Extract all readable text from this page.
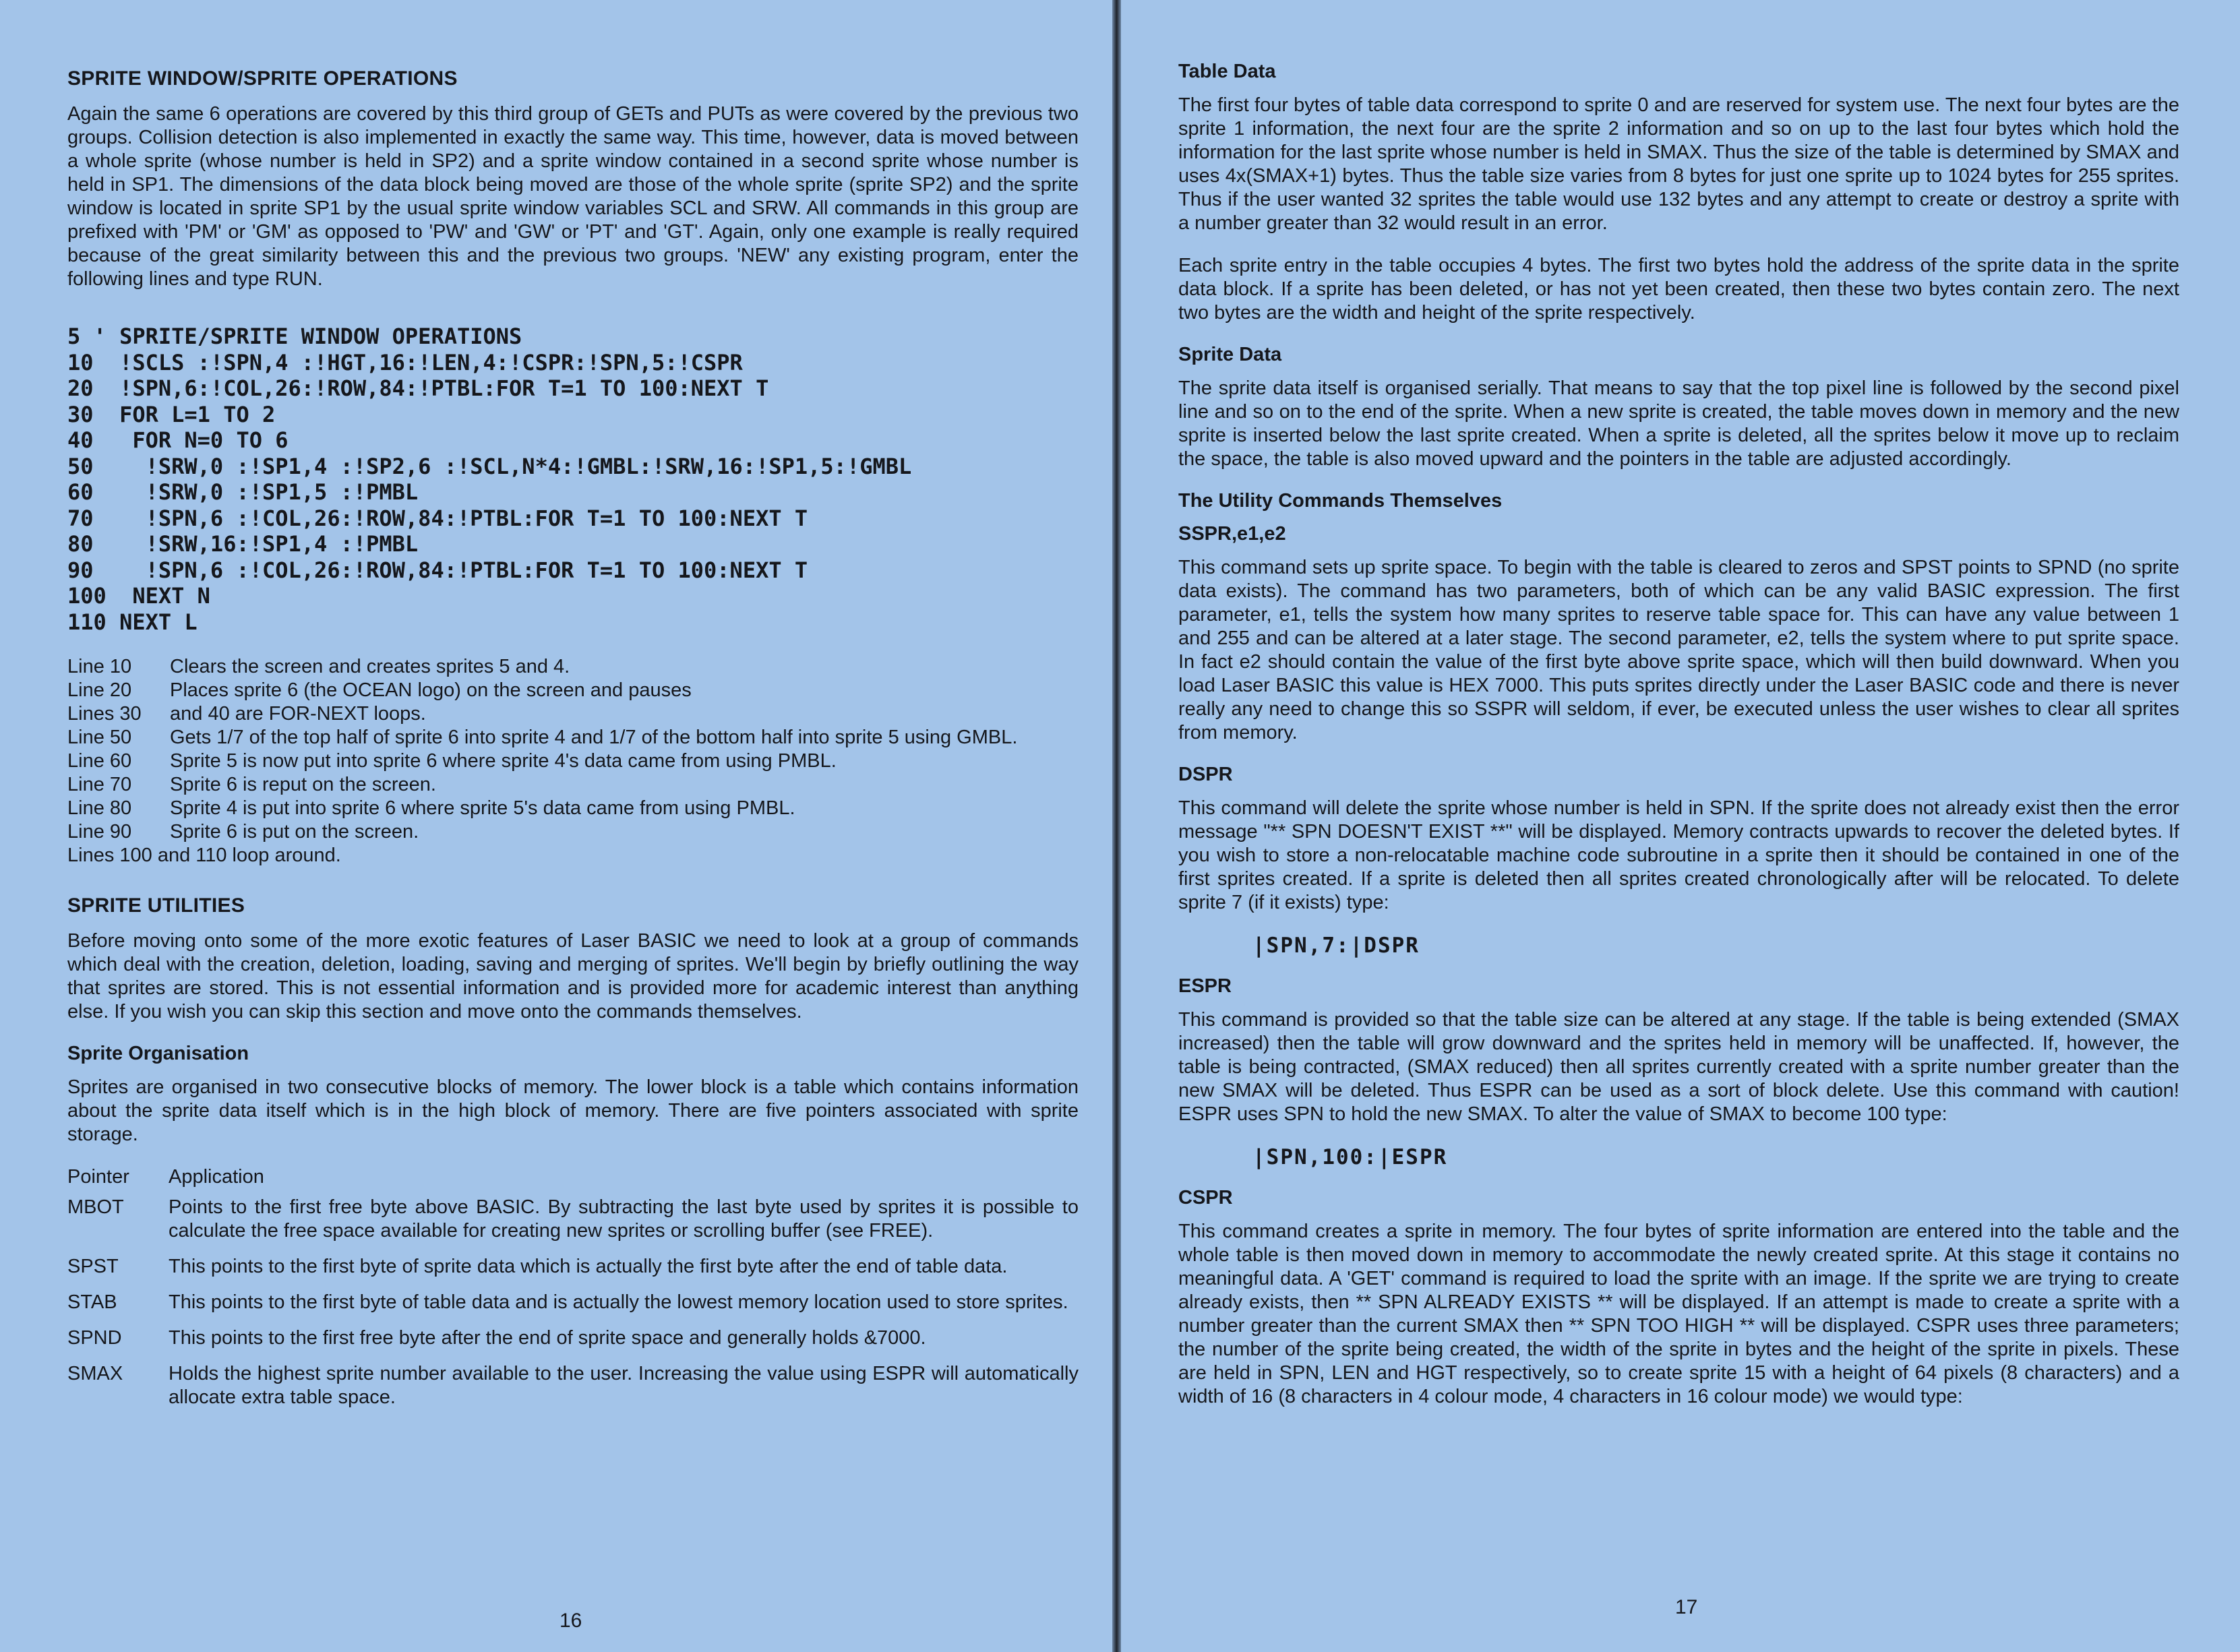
SPRITE WINDOW/SPRITE OPERATIONS

Again the same 6 operations are covered by this third group of GETs and PUTs as were covered by the previous two groups. Collision detection is also implemented in exactly the same way. This time, however, data is moved between a whole sprite (whose number is held in SP2) and a sprite window contained in a second sprite whose number is held in SP1. The dimensions of the data block being moved are those of the whole sprite (sprite SP2) and the sprite window is located in sprite SP1 by the usual sprite window variables SCL and SRW. All commands in this group are prefixed with 'PM' or 'GM' as opposed to 'PW' and 'GW' or 'PT' and 'GT'. Again, only one example is really required because of the great similarity between this and the previous two groups. 'NEW' any existing program, enter the following lines and type RUN.

5 ' SPRITE/SPRITE WINDOW OPERATIONS
10  !SCLS :!SPN,4 :!HGT,16:!LEN,4:!CSPR:!SPN,5:!CSPR
20  !SPN,6:!COL,26:!ROW,84:!PTBL:FOR T=1 TO 100:NEXT T
30  FOR L=1 TO 2
40   FOR N=0 TO 6
50    !SRW,0 :!SP1,4 :!SP2,6 :!SCL,N*4:!GMBL:!SRW,16:!SP1,5:!GMBL
60    !SRW,0 :!SP1,5 :!PMBL
70    !SPN,6 :!COL,26:!ROW,84:!PTBL:FOR T=1 TO 100:NEXT T
80    !SRW,16:!SP1,4 :!PMBL
90    !SPN,6 :!COL,26:!ROW,84:!PTBL:FOR T=1 TO 100:NEXT T
100  NEXT N
110 NEXT L
Line 10	Clears the screen and creates sprites 5 and 4.
Line 20	Places sprite 6 (the OCEAN logo) on the screen and pauses
Lines 30	and 40 are FOR-NEXT loops.
Line 50	Gets 1/7 of the top half of sprite 6 into sprite 4 and 1/7 of the bottom half into sprite 5 using GMBL.
Line 60	Sprite 5 is now put into sprite 6 where sprite 4's data came from using PMBL.
Line 70	Sprite 6 is reput on the screen.
Line 80	Sprite 4 is put into sprite 6 where sprite 5's data came from using PMBL.
Line 90	Sprite 6 is put on the screen.
Lines 100 and 110 loop around.
SPRITE UTILITIES

Before moving onto some of the more exotic features of Laser BASIC we need to look at a group of commands which deal with the creation, deletion, loading, saving and merging of sprites. We'll begin by briefly outlining the way that sprites are stored. This is not essential information and is provided more for academic interest than anything else. If you wish you can skip this section and move onto the commands themselves.

Sprite Organisation

Sprites are organised in two consecutive blocks of memory. The lower block is a table which contains information about the sprite data itself which is in the high block of memory. There are five pointers associated with sprite storage.

Pointer	Application
MBOT	Points to the first free byte above BASIC. By subtracting the last byte used by sprites it is possible to calculate the free space available for creating new sprites or scrolling buffer (see FREE).
SPST	This points to the first byte of sprite data which is actually the first byte after the end of table data.
STAB	This points to the first byte of table data and is actually the lowest memory location used to store sprites.
SPND	This points to the first free byte after the end of sprite space and generally holds &7000.
SMAX	Holds the highest sprite number available to the user. Increasing the value using ESPR will automatically allocate extra table space.
16
Table Data

The first four bytes of table data correspond to sprite 0 and are reserved for system use. The next four bytes are the sprite 1 information, the next four are the sprite 2 information and so on up to the last four bytes which hold the information for the last sprite whose number is held in SMAX. Thus the size of the table is determined by SMAX and uses 4x(SMAX+1) bytes. Thus the table size varies from 8 bytes for just one sprite up to 1024 bytes for 255 sprites. Thus if the user wanted 32 sprites the table would use 132 bytes and any attempt to create or destroy a sprite with a number greater than 32 would result in an error.

Each sprite entry in the table occupies 4 bytes. The first two bytes hold the address of the sprite data in the sprite data block. If a sprite has been deleted, or has not yet been created, then these two bytes contain zero. The next two bytes are the width and height of the sprite respectively.

Sprite Data

The sprite data itself is organised serially. That means to say that the top pixel line is followed by the second pixel line and so on to the end of the sprite. When a new sprite is created, the table moves down in memory and the new sprite is inserted below the last sprite created. When a sprite is deleted, all the sprites below it move up to reclaim the space, the table is also moved upward and the pointers in the table are adjusted accordingly.

The Utility Commands Themselves
SSPR,e1,e2

This command sets up sprite space. To begin with the table is cleared to zeros and SPST points to SPND (no sprite data exists). The command has two parameters, both of which can be any valid BASIC expression. The first parameter, e1, tells the system how many sprites to reserve table space for. This can have any value between 1 and 255 and can be altered at a later stage. The second parameter, e2, tells the system where to put sprite space. In fact e2 should contain the value of the first byte above sprite space, which will then build downward. When you load Laser BASIC this value is HEX 7000. This puts sprites directly under the Laser BASIC code and there is never really any need to change this so SSPR will seldom, if ever, be executed unless the user wishes to clear all sprites from memory.

DSPR

This command will delete the sprite whose number is held in SPN. If the sprite does not already exist then the error message "** SPN DOESN'T EXIST **" will be displayed. Memory contracts upwards to recover the deleted bytes. If you wish to store a non-relocatable machine code subroutine in a sprite then it should be contained in one of the first sprites created. If a sprite is deleted then all sprites created chronologically after will be relocated. To delete sprite 7 (if it exists) type:

|SPN,7:|DSPR
ESPR

This command is provided so that the table size can be altered at any stage. If the table is being extended (SMAX increased) then the table will grow downward and the sprites held in memory will be unaffected. If, however, the table is being contracted, (SMAX reduced) then all sprites currently created with a sprite number greater than the new SMAX will be deleted. Thus ESPR can be used as a sort of block delete. Use this command with caution! ESPR uses SPN to hold the new SMAX. To alter the value of SMAX to become 100 type:

|SPN,100:|ESPR
CSPR

This command creates a sprite in memory. The four bytes of sprite information are entered into the table and the whole table is then moved down in memory to accommodate the newly created sprite. At this stage it contains no meaningful data. A 'GET' command is required to load the sprite with an image. If the sprite we are trying to create already exists, then ** SPN ALREADY EXISTS ** will be displayed. If an attempt is made to create a sprite with a number greater than the current SMAX then ** SPN TOO HIGH ** will be displayed. CSPR uses three parameters; the number of the sprite being created, the width of the sprite in bytes and the height of the sprite in pixels. These are held in SPN, LEN and HGT respectively, so to create sprite 15 with a height of 64 pixels (8 characters) and a width of 16 (8 characters in 4 colour mode, 4 characters in 16 colour mode) we would type:

17
